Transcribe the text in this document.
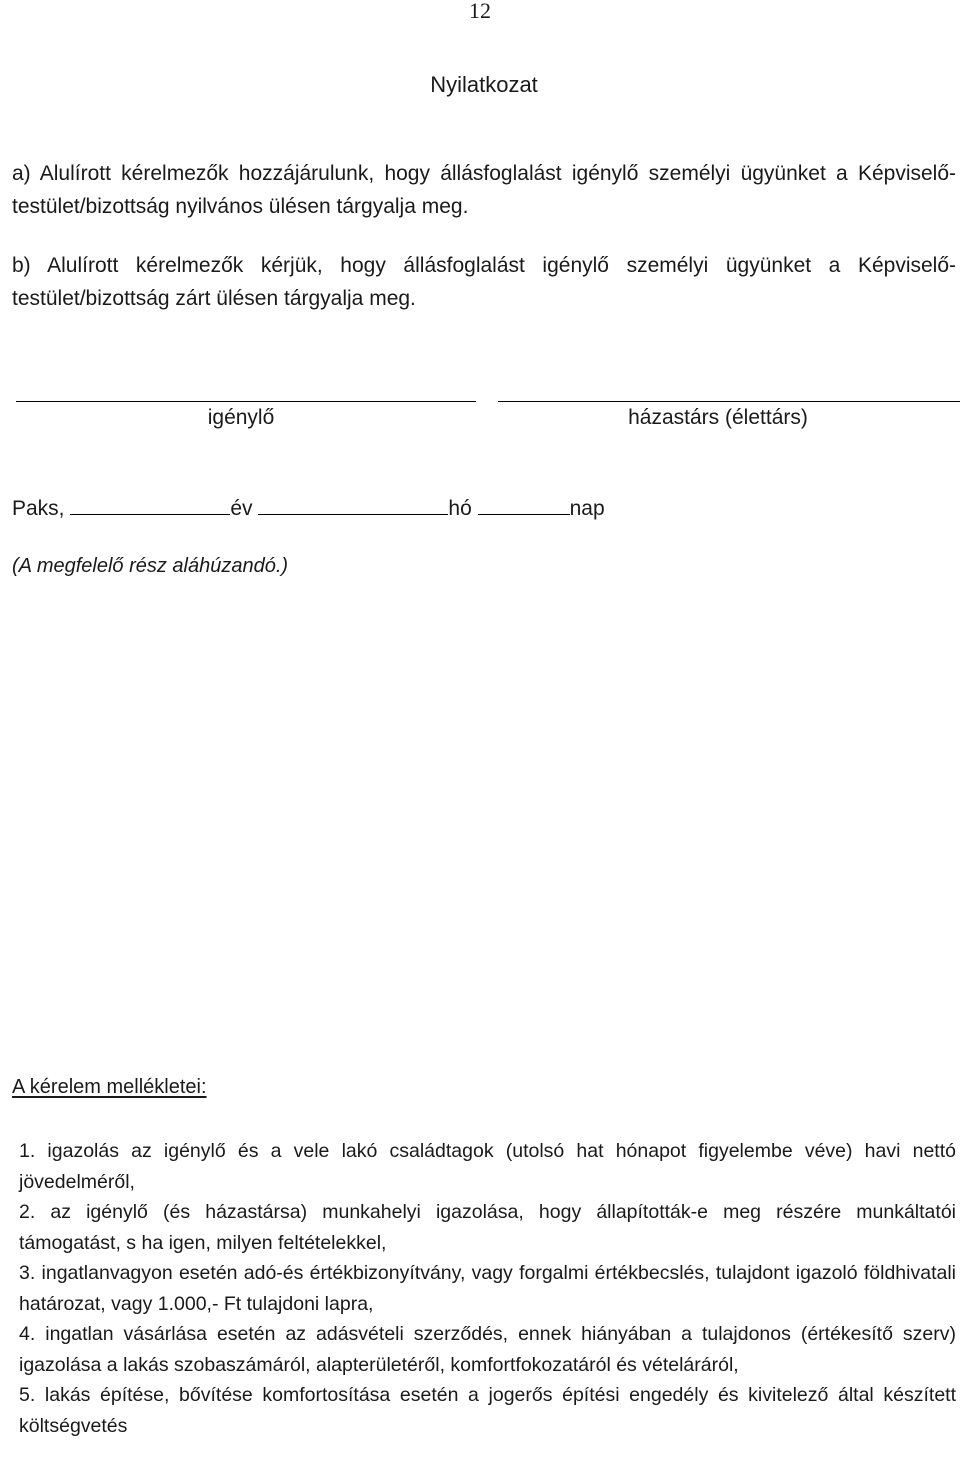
12
Nyilatkozat
a) Alulírott kérelmezők hozzájárulunk, hogy állásfoglalást igénylő személyi ügyünket a Képviselő-testület/bizottság nyilvános ülésen tárgyalja meg.
b) Alulírott kérelmezők kérjük, hogy állásfoglalást igénylő személyi ügyünket a Képviselő-testület/bizottság zárt ülésen tárgyalja meg.
igénylő	házastárs (élettárs)
Paks,	év	hó	nap
(A megfelelő rész aláhúzandó.)
A kérelem mellékletei:

1. igazolás az igénylő és a vele lakó családtagok (utolsó hat hónapot figyelembe véve) havi nettó jövedelméről,

2. az igénylő (és házastársa) munkahelyi igazolása, hogy állapították-e meg részére munkáltatói támogatást, s ha igen, milyen feltételekkel,

3. ingatlanvagyon esetén adó-és értékbizonyítvány, vagy forgalmi értékbecslés, tulajdont igazoló földhivatali határozat, vagy 1.000,- Ft tulajdoni lapra,

4. ingatlan vásárlása esetén az adásvételi szerződés, ennek hiányában a tulajdonos (értékesítő szerv) igazolása a lakás szobaszámáról, alapterületéről, komfortfokozatáról és vételáráról,

5. lakás építése, bővítése komfortosítása esetén a jogerős építési engedély és kivitelező által készített költségvetés
